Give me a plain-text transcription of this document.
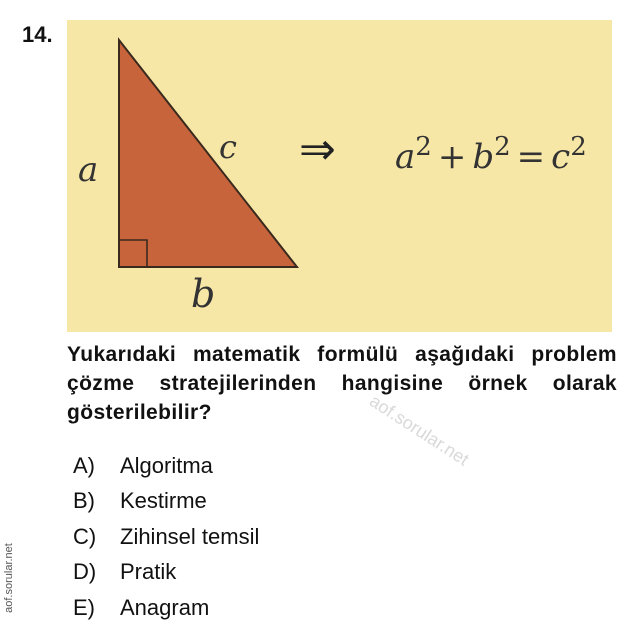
14.
a
b
c ⇒ $a^2 + b^2 = c^2$
Yukarıdaki matematik formülü aşağıdaki problem çözme stratejilerinden hangisine örnek olarak gösterilebilir?
A)	Algoritma
B)	Kestirme
C)	Zihinsel temsil
D)	Pratik
E)	Anagram
aof.sorular.net
aof.sorular.net
